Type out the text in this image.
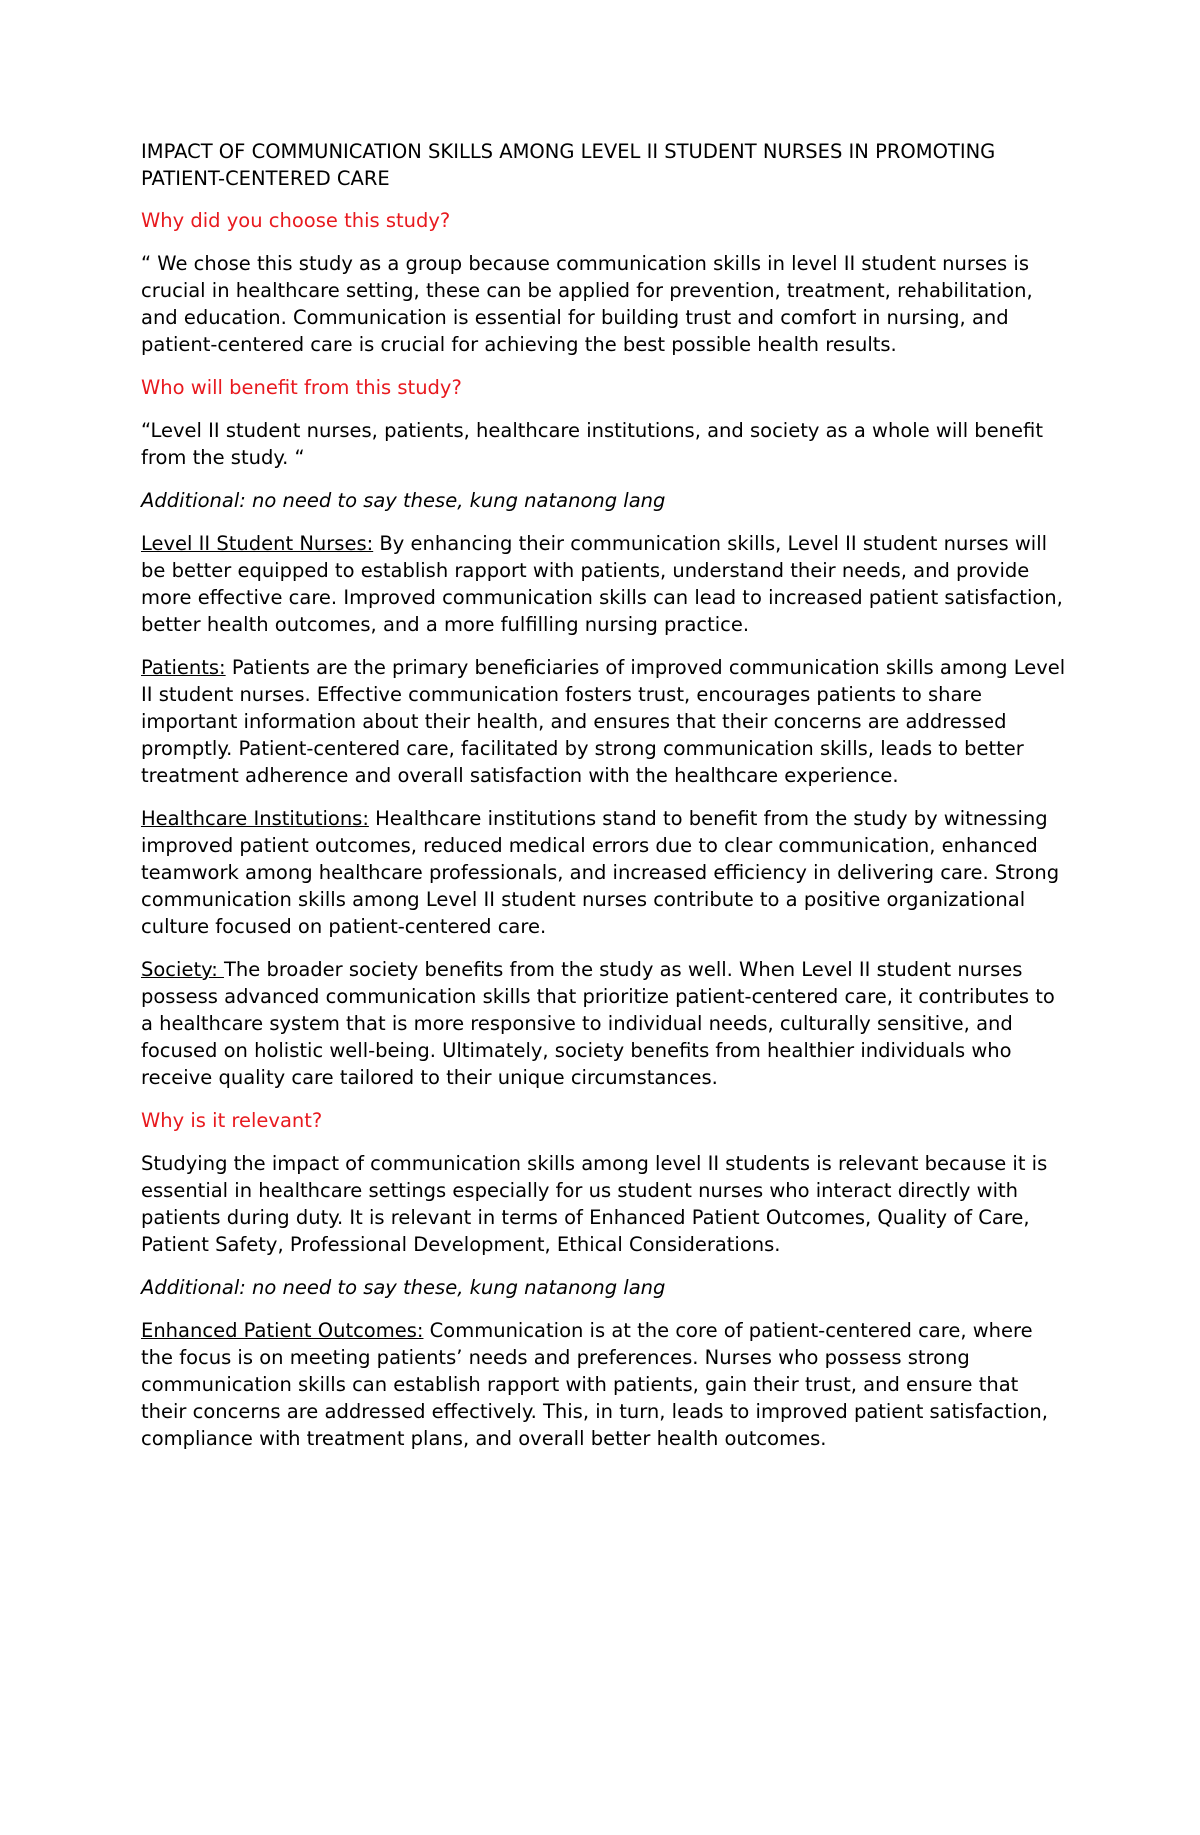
IMPACT OF COMMUNICATION SKILLS AMONG LEVEL II STUDENT NURSES IN PROMOTING PATIENT-CENTERED CARE
Why did you choose this study?

“ We chose this study as a group because communication skills in level II student nurses is crucial in healthcare setting, these can be applied for prevention, treatment, rehabilitation, and education. Communication is essential for building trust and comfort in nursing, and patient-centered care is crucial for achieving the best possible health results.

Who will benefit from this study?

“Level II student nurses, patients, healthcare institutions, and society as a whole will benefit from the study. “

Additional: no need to say these, kung natanong lang

Level II Student Nurses: By enhancing their communication skills, Level II student nurses will be better equipped to establish rapport with patients, understand their needs, and provide more effective care. Improved communication skills can lead to increased patient satisfaction, better health outcomes, and a more fulfilling nursing practice.

Patients: Patients are the primary beneficiaries of improved communication skills among Level II student nurses. Effective communication fosters trust, encourages patients to share important information about their health, and ensures that their concerns are addressed promptly. Patient-centered care, facilitated by strong communication skills, leads to better treatment adherence and overall satisfaction with the healthcare experience.

Healthcare Institutions: Healthcare institutions stand to benefit from the study by witnessing improved patient outcomes, reduced medical errors due to clear communication, enhanced teamwork among healthcare professionals, and increased efficiency in delivering care. Strong communication skills among Level II student nurses contribute to a positive organizational culture focused on patient-centered care.

Society: The broader society benefits from the study as well. When Level II student nurses possess advanced communication skills that prioritize patient-centered care, it contributes to a healthcare system that is more responsive to individual needs, culturally sensitive, and focused on holistic well-being. Ultimately, society benefits from healthier individuals who receive quality care tailored to their unique circumstances.

Why is it relevant?

Studying the impact of communication skills among level II students is relevant because it is essential in healthcare settings especially for us student nurses who interact directly with patients during duty. It is relevant in terms of Enhanced Patient Outcomes, Quality of Care, Patient Safety, Professional Development, Ethical Considerations.

Additional: no need to say these, kung natanong lang

Enhanced Patient Outcomes: Communication is at the core of patient-centered care, where the focus is on meeting patients’ needs and preferences. Nurses who possess strong communication skills can establish rapport with patients, gain their trust, and ensure that their concerns are addressed effectively. This, in turn, leads to improved patient satisfaction, compliance with treatment plans, and overall better health outcomes.
